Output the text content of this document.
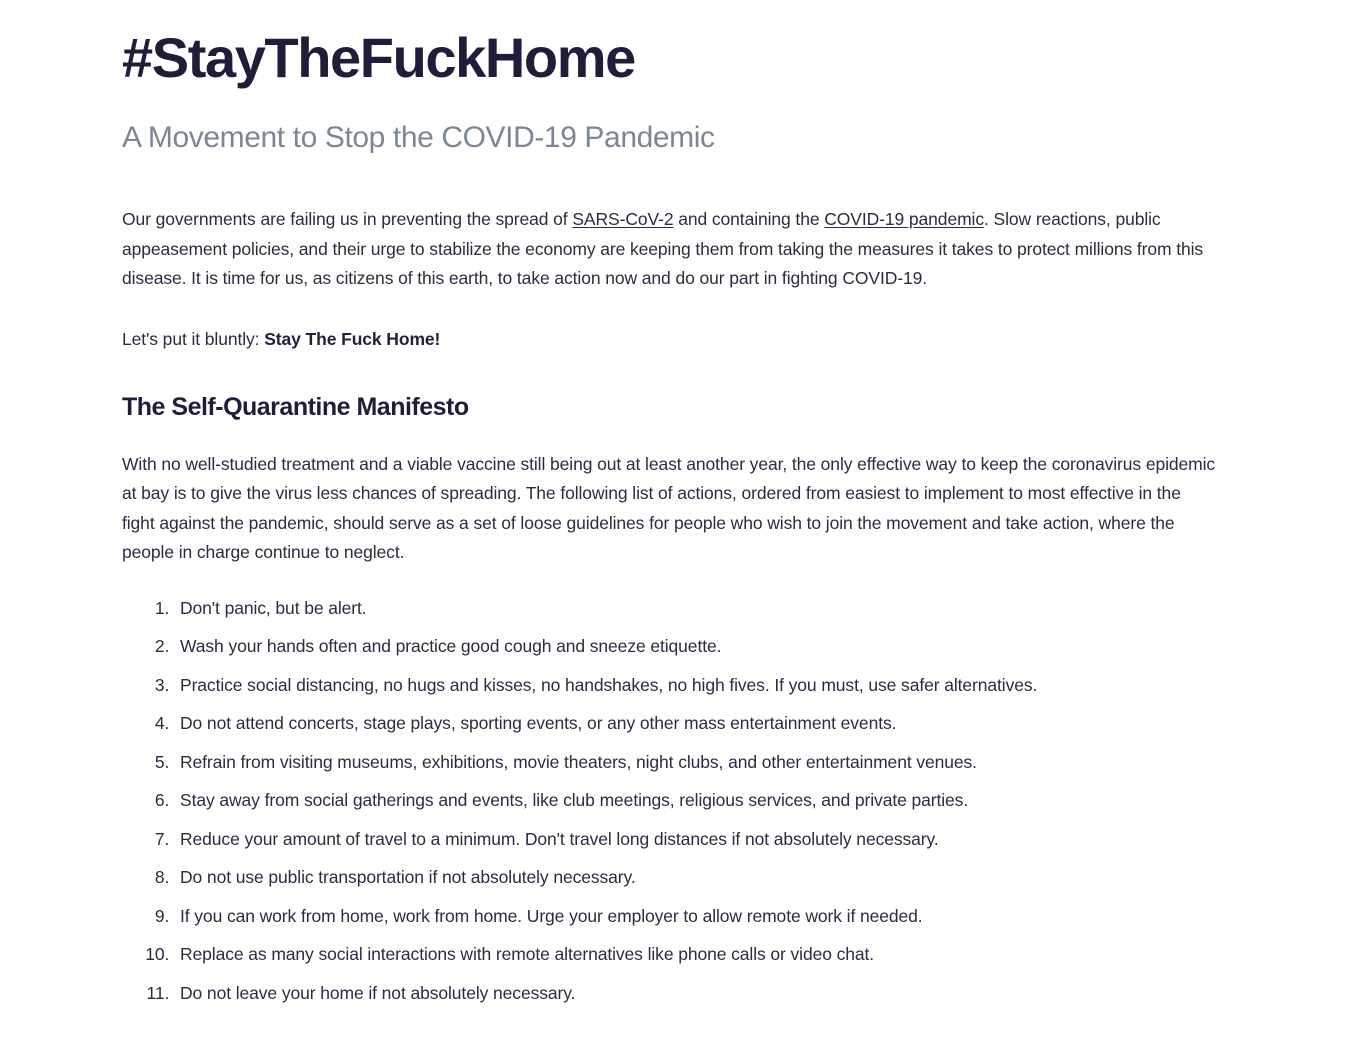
#StayTheFuckHome
A Movement to Stop the COVID-19 Pandemic

Our governments are failing us in preventing the spread of SARS-CoV-2 and containing the COVID-19 pandemic. Slow reactions, public appeasement policies, and their urge to stabilize the economy are keeping them from taking the measures it takes to protect millions from this disease. It is time for us, as citizens of this earth, to take action now and do our part in fighting COVID-19.

Let's put it bluntly: Stay The Fuck Home!

The Self-Quarantine Manifesto

With no well-studied treatment and a viable vaccine still being out at least another year, the only effective way to keep the coronavirus epidemic at bay is to give the virus less chances of spreading. The following list of actions, ordered from easiest to implement to most effective in the fight against the pandemic, should serve as a set of loose guidelines for people who wish to join the movement and take action, where the people in charge continue to neglect.

1. Don't panic, but be alert.
2. Wash your hands often and practice good cough and sneeze etiquette.
3. Practice social distancing, no hugs and kisses, no handshakes, no high fives. If you must, use safer alternatives.
4. Do not attend concerts, stage plays, sporting events, or any other mass entertainment events.
5. Refrain from visiting museums, exhibitions, movie theaters, night clubs, and other entertainment venues.
6. Stay away from social gatherings and events, like club meetings, religious services, and private parties.
7. Reduce your amount of travel to a minimum. Don't travel long distances if not absolutely necessary.
8. Do not use public transportation if not absolutely necessary.
9. If you can work from home, work from home. Urge your employer to allow remote work if needed.
10. Replace as many social interactions with remote alternatives like phone calls or video chat.
11. Do not leave your home if not absolutely necessary.
